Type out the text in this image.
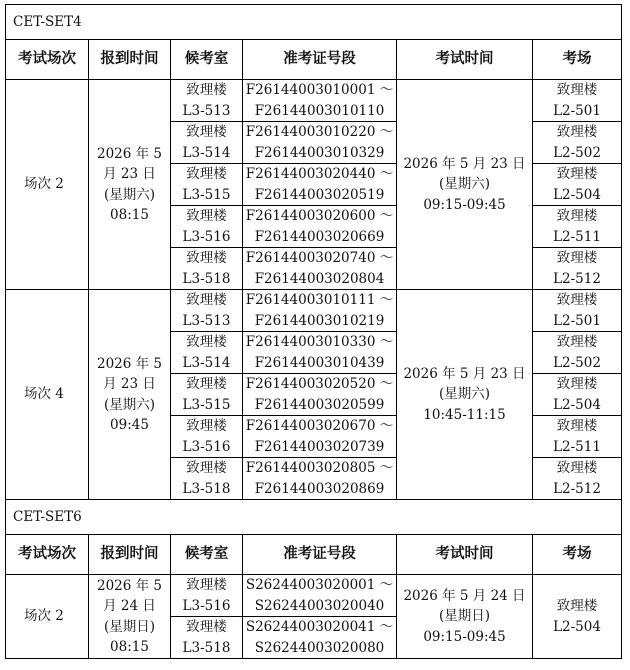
CET-SET4					
考试场次	报到时间	候考室	准考证号段	考试时间	考场
场次 2	2026 年 5
月 23 日
(星期六)
08:15	致理楼
L3-513	F26144003010001 ～
F26144003010110	2026 年 5 月 23 日
(星期六)
09:15-09:45	致理楼
L2-501

		致理楼
L3-514	F26144003010220 ～
F26144003010329		致理楼
L2-502

		致理楼
L3-515	F26144003020440 ～
F26144003020519		致理楼
L2-504

		致理楼
L3-516	F26144003020600 ～
F26144003020669		致理楼
L2-511

		致理楼
L3-518	F26144003020740 ～
F26144003020804		致理楼
L2-512

场次 4	2026 年 5
月 23 日
(星期六)
09:45	致理楼
L3-513	F26144003010111 ～
F26144003010219	2026 年 5 月 23 日
(星期六)
10:45-11:15	致理楼
L2-501

		致理楼
L3-514	F26144003010330 ～
F26144003010439		致理楼
L2-502

		致理楼
L3-515	F26144003020520 ～
F26144003020599		致理楼
L2-504

		致理楼
L3-516	F26144003020670 ～
F26144003020739		致理楼
L2-511

		致理楼
L3-518	F26144003020805 ～
F26144003020869		致理楼
L2-512

CET-SET6					
考试场次	报到时间	候考室	准考证号段	考试时间	考场
场次 2	2026 年 5
月 24 日
(星期日)
08:15	致理楼
L3-516	S26244003020001 ～
S26244003020040	2026 年 5 月 24 日
(星期日)
09:15-09:45	致理楼
L2-504

		致理楼
L3-518	S26244003020041 ～
S26244003020080		
